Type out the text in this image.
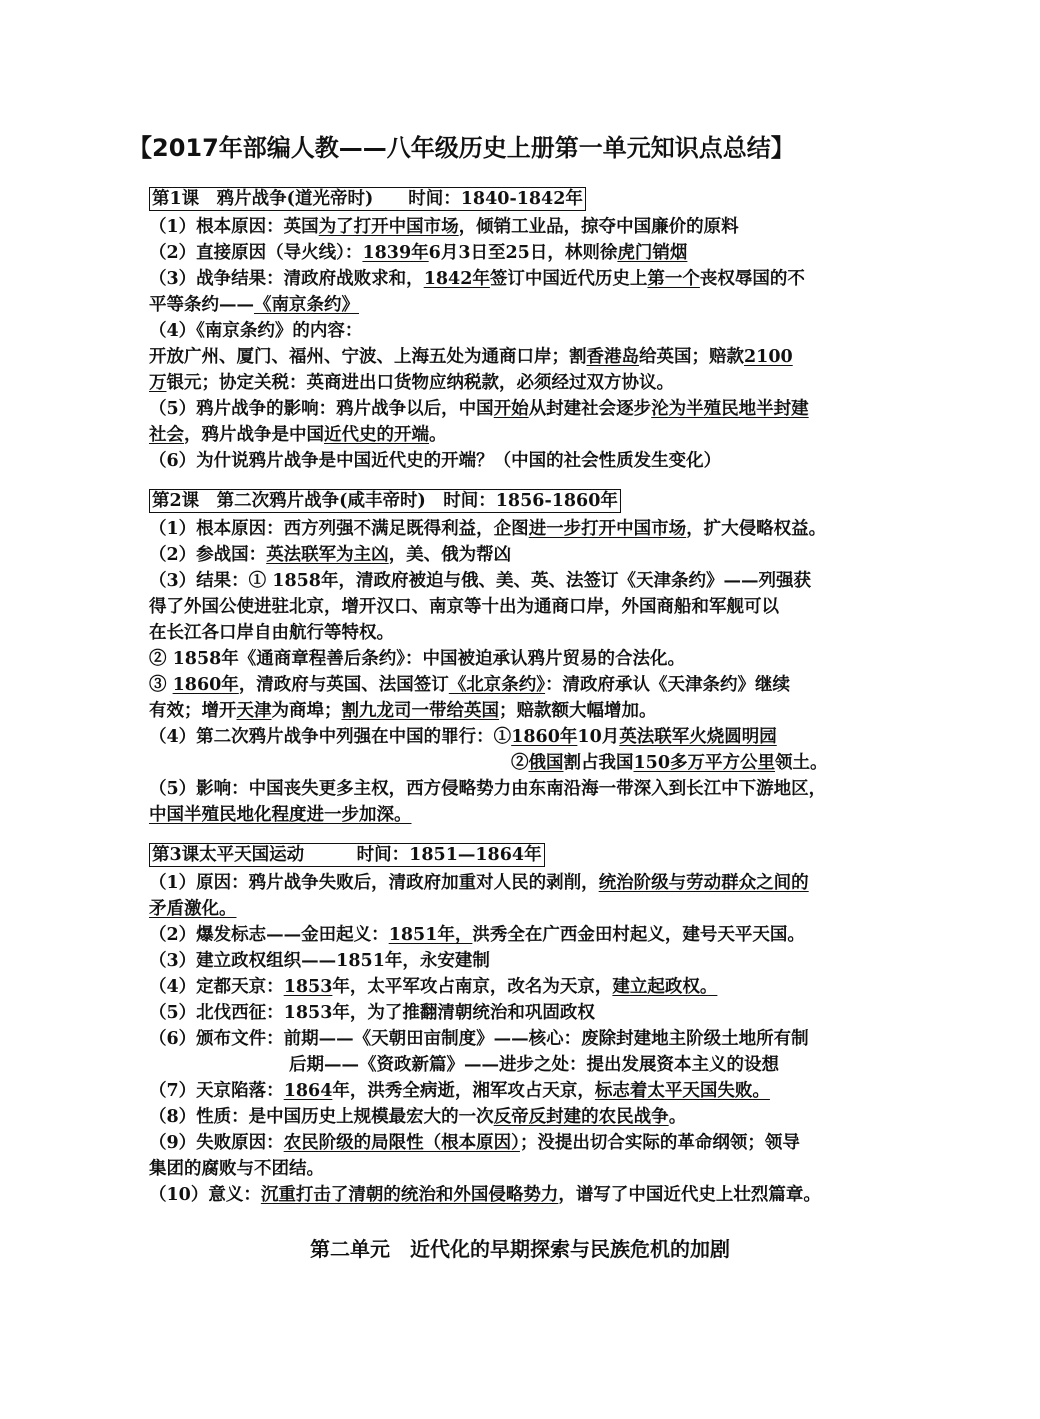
【2017年部编人教——八年级历史上册第一单元知识点总结】

第1课　鸦片战争(道光帝时)　　时间：1840-1842年

（1）根本原因：英国为了打开中国市场，倾销工业品，掠夺中国廉价的原料

（2）直接原因（导火线）：1839年6月3日至25日，林则徐虎门销烟

（3）战争结果：清政府战败求和，1842年签订中国近代历史上第一个丧权辱国的不

平等条约——《南京条约》

（4）《南京条约》的内容：

开放广州、厦门、福州、宁波、上海五处为通商口岸；割香港岛给英国；赔款2100

万银元；协定关税：英商进出口货物应纳税款，必须经过双方协议。

（5）鸦片战争的影响：鸦片战争以后，中国开始从封建社会逐步沦为半殖民地半封建

社会，鸦片战争是中国近代史的开端。

（6）为什说鸦片战争是中国近代史的开端？（中国的社会性质发生变化）

第2课　第二次鸦片战争(咸丰帝时)　时间：1856-1860年

（1）根本原因：西方列强不满足既得利益，企图进一步打开中国市场，扩大侵略权益。

（2）参战国：英法联军为主凶，美、俄为帮凶

（3）结果：① 1858年，清政府被迫与俄、美、英、法签订《天津条约》——列强获

得了外国公使进驻北京，增开汉口、南京等十出为通商口岸，外国商船和军舰可以

在长江各口岸自由航行等特权。

② 1858年《通商章程善后条约》：中国被迫承认鸦片贸易的合法化。

③ 1860年，清政府与英国、法国签订《北京条约》：清政府承认《天津条约》继续

有效；增开天津为商埠；割九龙司一带给英国；赔款额大幅增加。

（4）第二次鸦片战争中列强在中国的罪行：①1860年10月英法联军火烧圆明园

②俄国割占我国150多万平方公里领土。

（5）影响：中国丧失更多主权，西方侵略势力由东南沿海一带深入到长江中下游地区，

中国半殖民地化程度进一步加深。

第3课太平天国运动　　　时间：1851—1864年

（1）原因：鸦片战争失败后，清政府加重对人民的剥削，统治阶级与劳动群众之间的

矛盾激化。

（2）爆发标志——金田起义：1851年，洪秀全在广西金田村起义，建号天平天国。

（3）建立政权组织——1851年，永安建制

（4）定都天京：1853年，太平军攻占南京，改名为天京，建立起政权。

（5）北伐西征：1853年，为了推翻清朝统治和巩固政权

（6）颁布文件：前期——《天朝田亩制度》——核心：废除封建地主阶级土地所有制

后期——《资政新篇》——进步之处：提出发展资本主义的设想

（7）天京陷落：1864年，洪秀全病逝，湘军攻占天京，标志着太平天国失败。

（8）性质：是中国历史上规模最宏大的一次反帝反封建的农民战争。

（9）失败原因：农民阶级的局限性（根本原因）；没提出切合实际的革命纲领；领导

集团的腐败与不团结。

（10）意义：沉重打击了清朝的统治和外国侵略势力，谱写了中国近代史上壮烈篇章。

第二单元　近代化的早期探索与民族危机的加剧
